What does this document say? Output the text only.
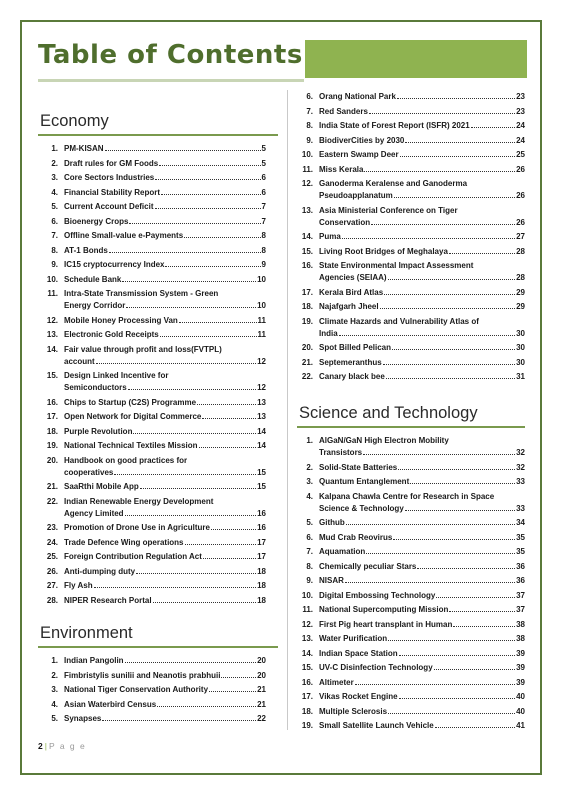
Table of Contents
Economy
1. PM-KISAN	5
2. Draft rules for GM Foods	5
3. Core Sectors Industries	6
4. Financial Stability Report	6
5. Current Account Deficit	7
6. Bioenergy Crops	7
7. Offline Small-value e-Payments	8
8. AT-1 Bonds	8
9. IC15 cryptocurrency Index	9
10. Schedule Bank	10
11. Intra-State Transmission System - Green
Energy Corridor	10
12. Mobile Honey Processing Van	11
13. Electronic Gold Receipts	11
14. Fair value through profit and loss(FVTPL)
account	12
15. Design Linked Incentive for
Semiconductors	12
16. Chips to Startup (C2S) Programme	13
17. Open Network for Digital Commerce	13
18. Purple Revolution	14
19. National Technical Textiles Mission	14
20. Handbook on good practices for
cooperatives	15
21. SaaRthi Mobile App	15
22. Indian Renewable Energy Development
Agency Limited	16
23. Promotion of Drone Use in Agriculture	16
24. Trade Defence Wing operations	17
25. Foreign Contribution Regulation Act	17
26. Anti-dumping duty	18
27. Fly Ash	18
28. NIPER Research Portal	18
Environment
1. Indian Pangolin	20
2. Fimbristylis sunilii and Neanotis prabhuii	20
3. National Tiger Conservation Authority	21
4. Asian Waterbird Census	21
5. Synapses	22
6. Orang National Park	23
7. Red Sanders	23
8. India State of Forest Report (ISFR) 2021	24
9. BiodiverCities by 2030	24
10. Eastern Swamp Deer	25
11. Miss Kerala	26
12. Ganoderma Keralense and Ganoderma
Pseudoapplanatum	26
13. Asia Ministerial Conference on Tiger
Conservation	26
14. Puma	27
15. Living Root Bridges of Meghalaya	28
16. State Environmental Impact Assessment
Agencies (SEIAA)	28
17. Kerala Bird Atlas	29
18. Najafgarh Jheel	29
19. Climate Hazards and Vulnerability Atlas of
India	30
20. Spot Billed Pelican	30
21. Septemeranthus	30
22. Canary black bee	31
Science and Technology
1. AlGaN/GaN High Electron Mobility
Transistors	32
2. Solid-State Batteries	32
3. Quantum Entanglement	33
4. Kalpana Chawla Centre for Research in Space
Science & Technology	33
5. Github	34
6. Mud Crab Reovirus	35
7. Aquamation	35
8. Chemically peculiar Stars	36
9. NISAR	36
10. Digital Embossing Technology	37
11. National Supercomputing Mission	37
12. First Pig heart transplant in Human	38
13. Water Purification	38
14. Indian Space Station	39
15. UV-C Disinfection Technology	39
16. Altimeter	39
17. Vikas Rocket Engine	40
18. Multiple Sclerosis	40
19. Small Satellite Launch Vehicle	41
2 | P a g e
